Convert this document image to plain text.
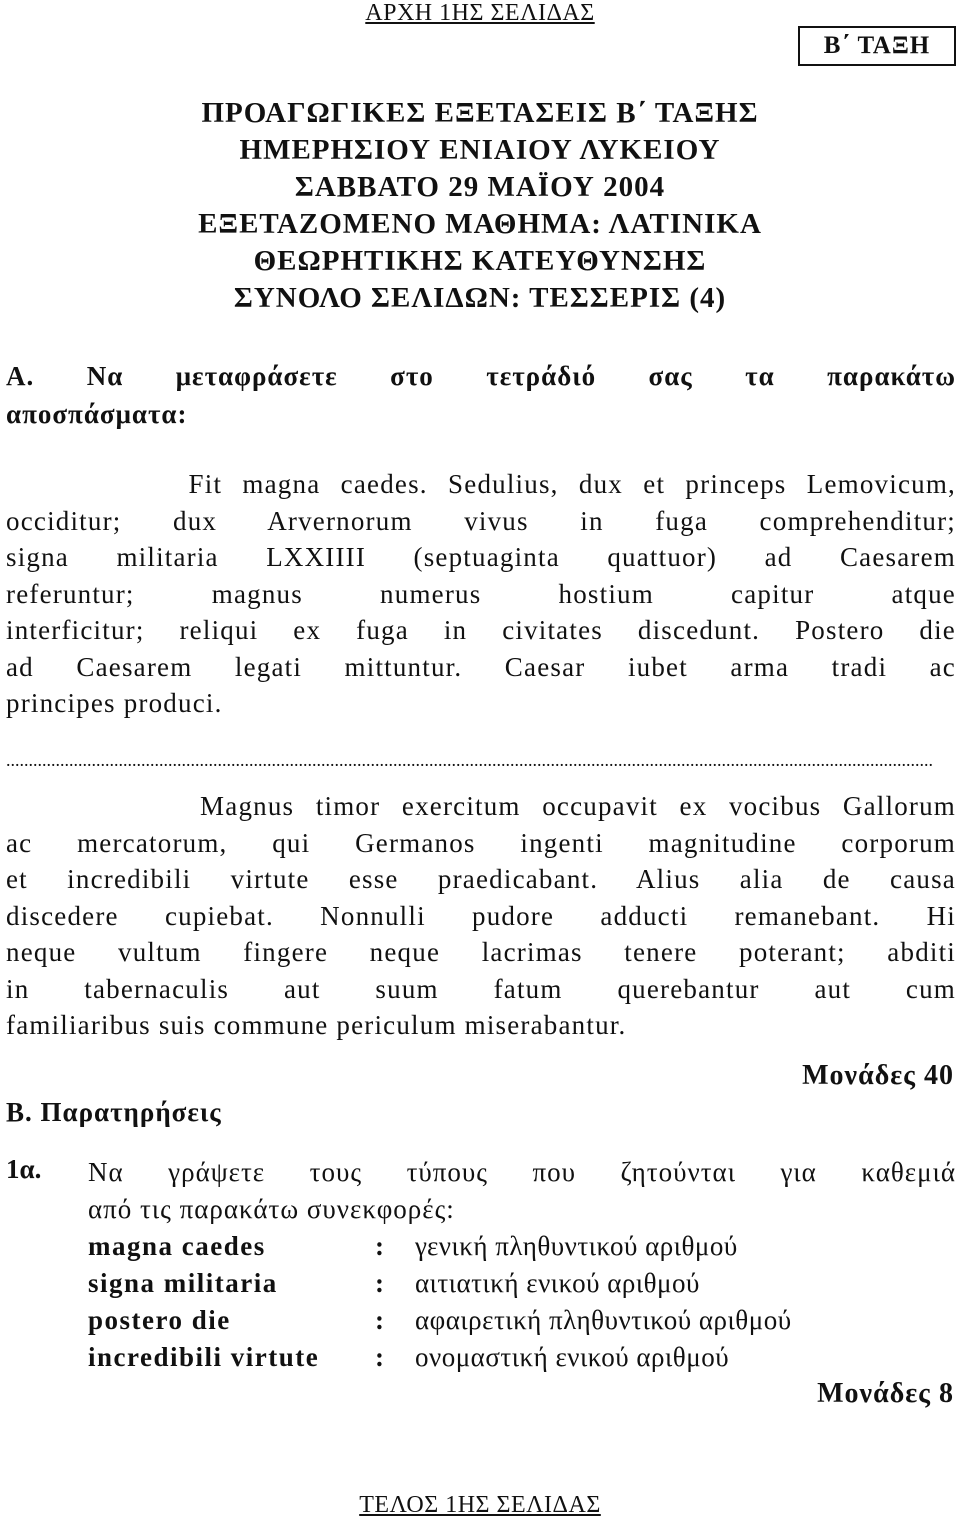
ΑΡΧΗ 1ΗΣ ΣΕΛΙΔΑΣ
Β΄ ΤΑΞΗ
ΠΡΟΑΓΩΓΙΚΕΣ ΕΞΕΤΑΣΕΙΣ Β΄ ΤΑΞΗΣ
ΗΜΕΡΗΣΙΟΥ ΕΝΙΑΙΟΥ ΛΥΚΕΙΟΥ
ΣΑΒΒΑΤΟ 29 ΜΑΪΟΥ 2004
ΕΞΕΤΑΖΟΜΕΝΟ ΜΑΘΗΜΑ: ΛΑΤΙΝΙΚΑ
ΘΕΩΡΗΤΙΚΗΣ ΚΑΤΕΥΘΥΝΣΗΣ
ΣΥΝΟΛΟ ΣΕΛΙΔΩΝ: ΤΕΣΣΕΡΙΣ (4)
Α. Να μεταφράσετε στο τετράδιό σας τα παρακάτω
αποσπάσματα:
Fit magna caedes. Sedulius, dux et princeps Lemovicum,
occiditur; dux Arvernorum vivus in fuga comprehenditur;
signa militaria LXXIIII (septuaginta quattuor) ad Caesarem
referuntur; magnus numerus hostium capitur atque
interficitur; reliqui ex fuga in civitates discedunt. Postero die
ad Caesarem legati mittuntur. Caesar iubet arma tradi ac
principes produci.
..............................................................................................................................................................................................................
Magnus timor exercitum occupavit ex vocibus Gallorum
ac mercatorum, qui Germanos ingenti magnitudine corporum
et incredibili virtute esse praedicabant. Alius alia de causa
discedere cupiebat. Nonnulli pudore adducti remanebant. Hi
neque vultum fingere neque lacrimas tenere poterant; abditi
in tabernaculis aut suum fatum querebantur aut cum
familiaribus suis commune periculum miserabantur.
Μονάδες 40
Β. Παρατηρήσεις
1α. Να γράψετε τους τύπους που ζητούνται για καθεμιά
από τις παρακάτω συνεκφορές:
magna caedes	:	γενική πληθυντικού αριθμού
signa militaria	:	αιτιατική ενικού αριθμού
postero die	:	αφαιρετική πληθυντικού αριθμού
incredibili virtute	:	ονομαστική ενικού αριθμού
Μονάδες 8
ΤΕΛΟΣ 1ΗΣ ΣΕΛΙΔΑΣ
